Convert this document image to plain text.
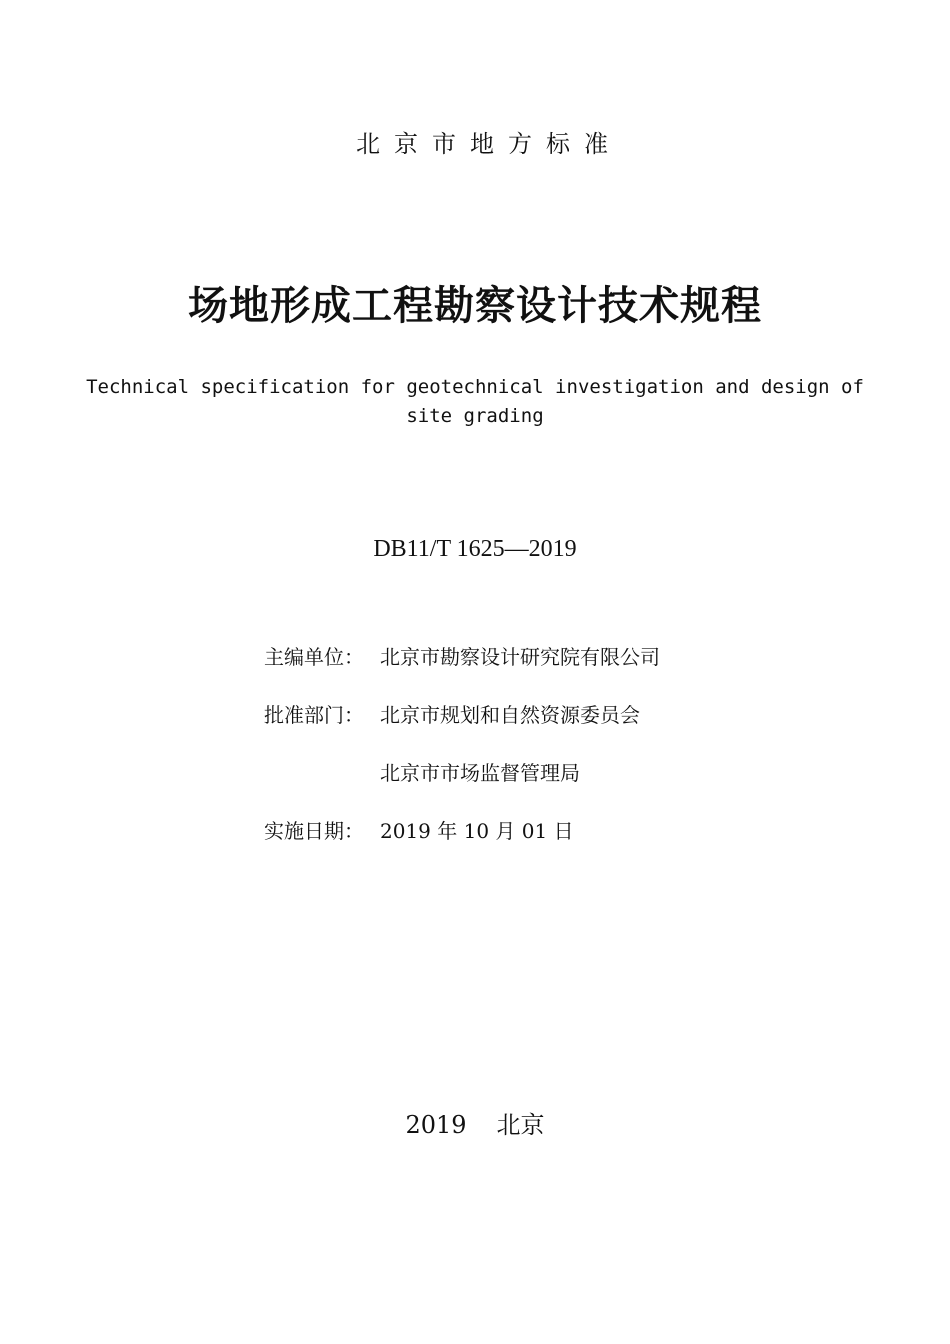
北京市地方标准
场地形成工程勘察设计技术规程
Technical specification for geotechnical investigation and design of site grading
DB11/T 1625—2019
主编单位： 北京市勘察设计研究院有限公司
批准部门： 北京市规划和自然资源委员会
北京市市场监督管理局
实施日期： 2019 年 10 月 01 日
2019 北京
